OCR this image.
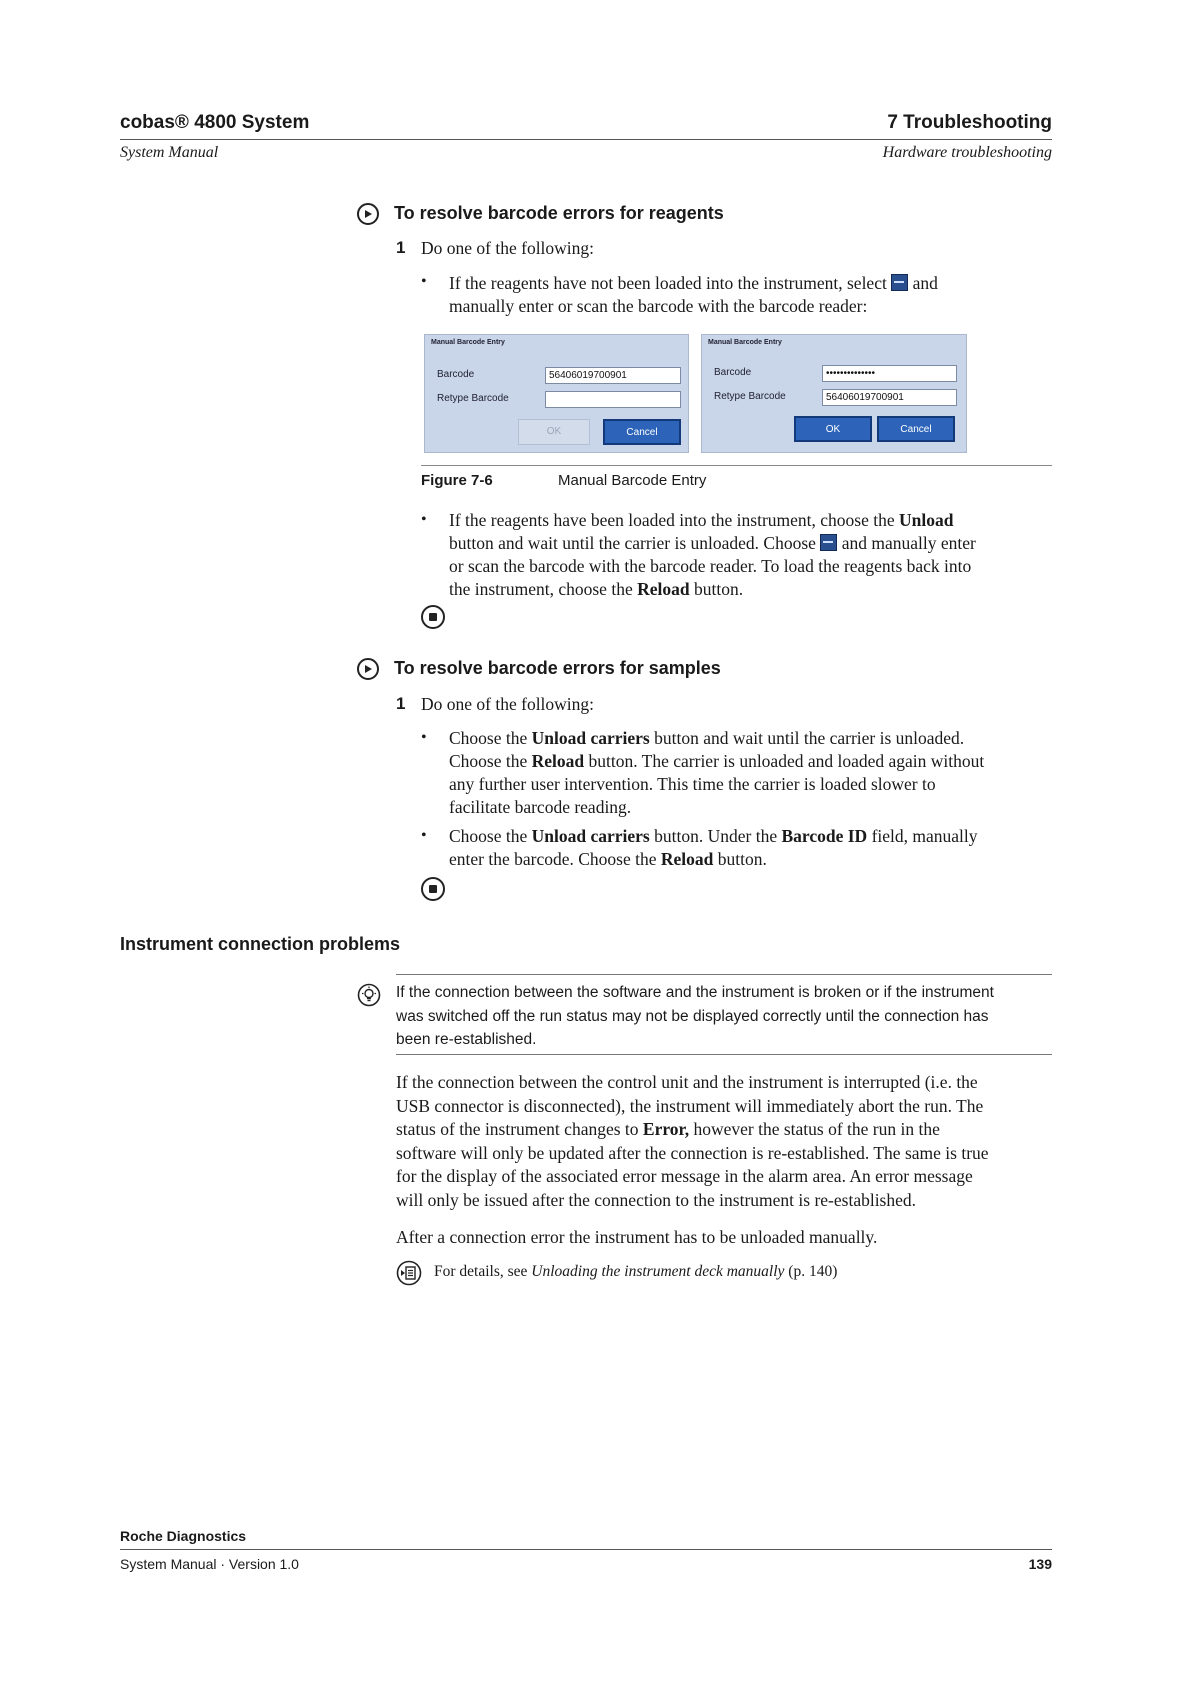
cobas® 4800 System	7 Troubleshooting
System Manual	Hardware troubleshooting
To resolve barcode errors for reagents
1 Do one of the following:
• If the reagents have not been loaded into the instrument, select and
manually enter or scan the barcode with the barcode reader:
Manual Barcode Entry
Barcode	56406019700901
Retype Barcode
OK	Cancel
Manual Barcode Entry
Barcode	••••••••••••••
Retype Barcode	56406019700901
OK	Cancel
Figure 7-6	Manual Barcode Entry
• If the reagents have been loaded into the instrument, choose the Unload
button and wait until the carrier is unloaded. Choose and manually enter
or scan the barcode with the barcode reader. To load the reagents back into
the instrument, choose the Reload button.
To resolve barcode errors for samples
1 Do one of the following:
• Choose the Unload carriers button and wait until the carrier is unloaded.
Choose the Reload button. The carrier is unloaded and loaded again without
any further user intervention. This time the carrier is loaded slower to
facilitate barcode reading.
• Choose the Unload carriers button. Under the Barcode ID field, manually
enter the barcode. Choose the Reload button.
Instrument connection problems
If the connection between the software and the instrument is broken or if the instrument
was switched off the run status may not be displayed correctly until the connection has
been re-established.
If the connection between the control unit and the instrument is interrupted (i.e. the
USB connector is disconnected), the instrument will immediately abort the run. The
status of the instrument changes to Error, however the status of the run in the
software will only be updated after the connection is re-established. The same is true
for the display of the associated error message in the alarm area. An error message
will only be issued after the connection to the instrument is re-established.
After a connection error the instrument has to be unloaded manually.
For details, see Unloading the instrument deck manually (p. 140)
Roche Diagnostics
System Manual · Version 1.0	139
